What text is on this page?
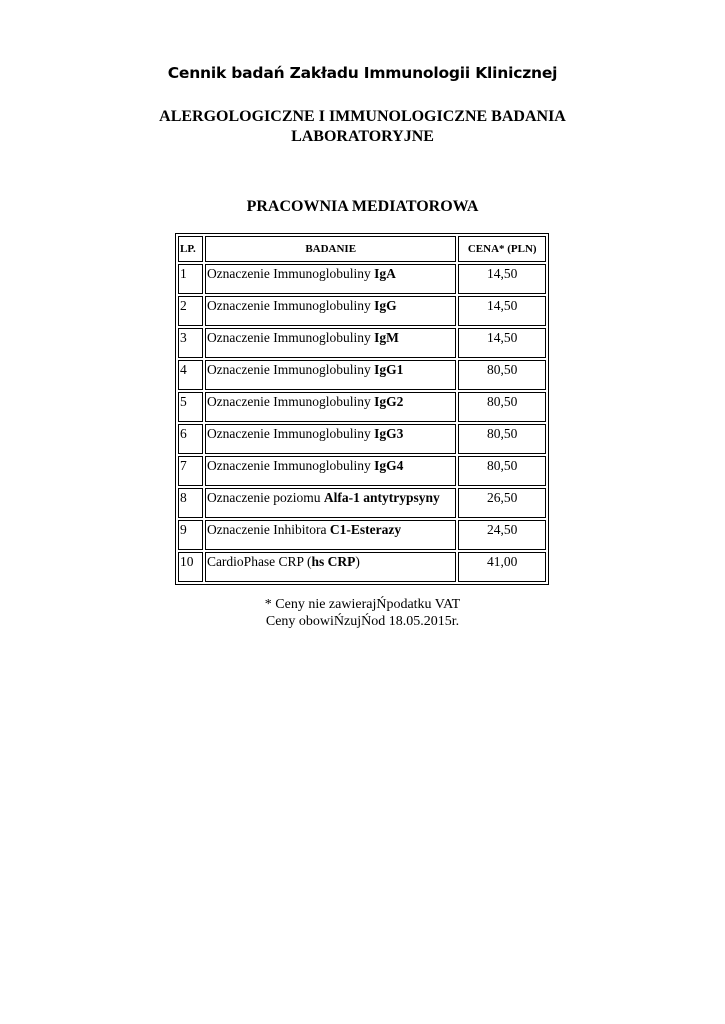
Cennik badań Zakładu Immunologii Klinicznej
ALERGOLOGICZNE I IMMUNOLOGICZNE BADANIA
LABORATORYJNE
PRACOWNIA MEDIATOROWA
LP.	BADANIE	CENA* (PLN)
1	Oznaczenie Immunoglobuliny IgA	14,50
2	Oznaczenie Immunoglobuliny IgG	14,50
3	Oznaczenie Immunoglobuliny IgM	14,50
4	Oznaczenie Immunoglobuliny IgG1	80,50
5	Oznaczenie Immunoglobuliny IgG2	80,50
6	Oznaczenie Immunoglobuliny IgG3	80,50
7	Oznaczenie Immunoglobuliny IgG4	80,50
8	Oznaczenie poziomu Alfa-1 antytrypsyny	26,50
9	Oznaczenie Inhibitora C1-Esterazy	24,50
10	CardioPhase CRP (hs CRP)	41,00
* Ceny nie zawierajŃpodatku VAT
Ceny obowiŃzujŃod 18.05.2015r.
